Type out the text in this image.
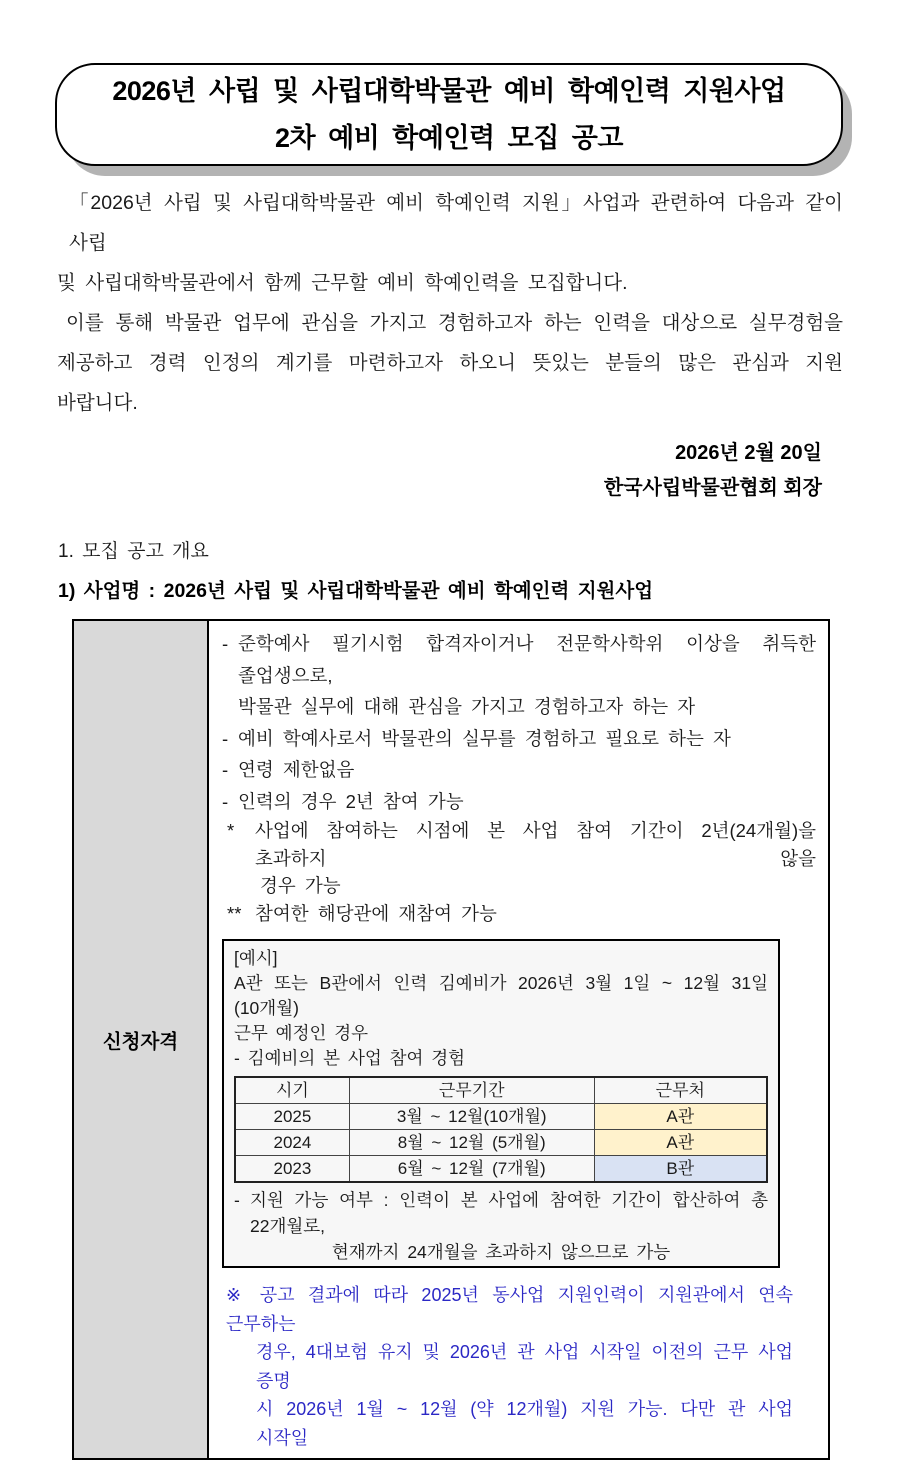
2026년 사립 및 사립대학박물관 예비 학예인력 지원사업
2차 예비 학예인력 모집 공고
「2026년 사립 및 사립대학박물관 예비 학예인력 지원」사업과 관련하여 다음과 같이 사립
및 사립대학박물관에서 함께 근무할 예비 학예인력을 모집합니다.
이를 통해 박물관 업무에 관심을 가지고 경험하고자 하는 인력을 대상으로 실무경험을
제공하고 경력 인정의 계기를 마련하고자 하오니 뜻있는 분들의 많은 관심과 지원 바랍니다.
2026년 2월 20일
한국사립박물관협회 회장
1. 모집 공고 개요
1) 사업명 : 2026년 사립 및 사립대학박물관 예비 학예인력 지원사업
신청자격	
- 준학예사 필기시험 합격자이거나 전문학사학위 이상을 취득한 졸업생으로,
박물관 실무에 대해 관심을 가지고 경험하고자 하는 자
- 예비 학예사로서 박물관의 실무를 경험하고 필요로 하는 자
- 연령 제한없음
- 인력의 경우 2년 참여 가능
*	사업에 참여하는 시점에 본 사업 참여 기간이 2년(24개월)을 초과하지 않을
경우 가능
** 참여한 해당관에 재참여 가능
[예시]
A관 또는 B관에서 인력 김예비가 2026년 3월 1일 ~ 12월 31일(10개월)
근무 예정인 경우
- 김예비의 본 사업 참여 경험
시기	근무기간	근무처
2025	3월 ~ 12월(10개월)	A관
2024	8월 ~ 12월 (5개월)	A관
2023	6월 ~ 12월 (7개월)	B관
- 지원 가능 여부 : 인력이 본 사업에 참여한 기간이 합산하여 총 22개월로,
현재까지 24개월을 초과하지 않으므로 가능
※ 공고 결과에 따라 2025년 동사업 지원인력이 지원관에서 연속 근무하는
경우, 4대보험 유지 및 2026년 관 사업 시작일 이전의 근무 사업 증명
시 2026년 1월 ~ 12월 (약 12개월) 지원 가능. 다만 관 사업 시작일
